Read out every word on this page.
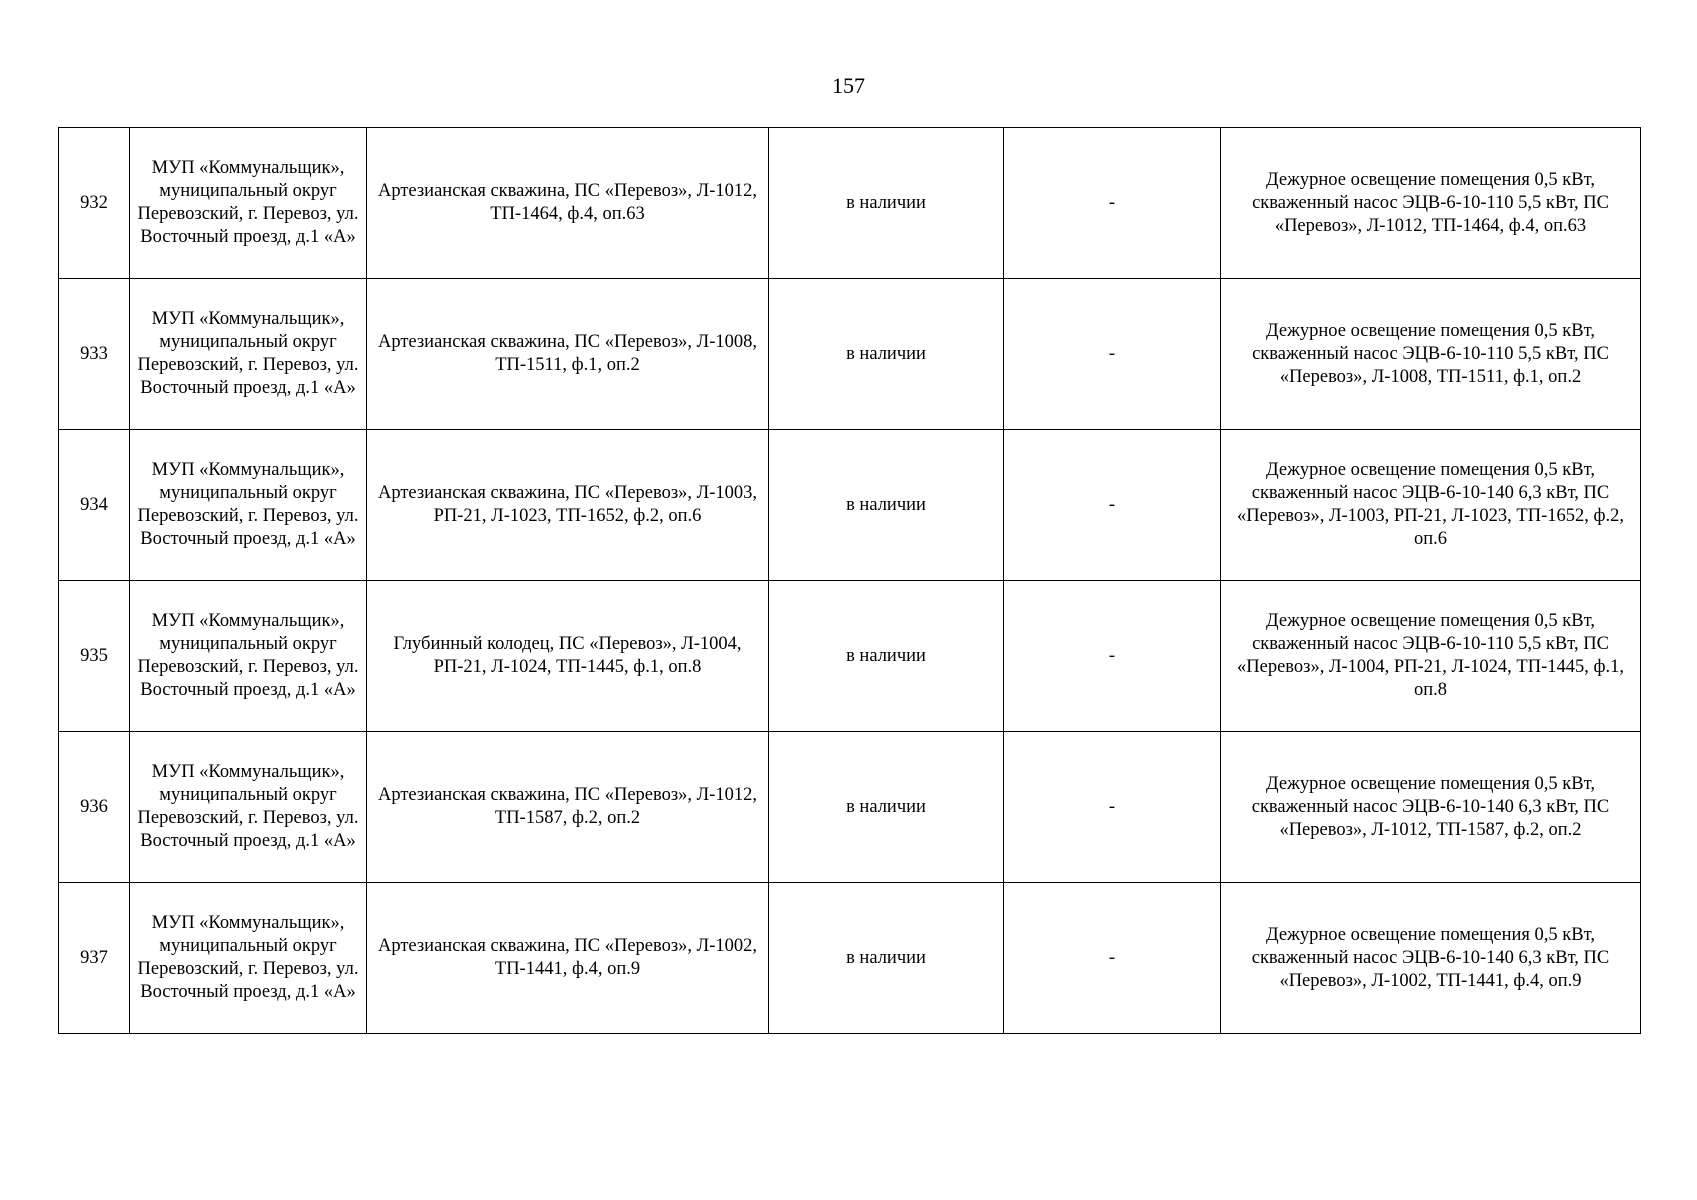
157
932	МУП «Коммунальщик», муниципальный округ Перевозский, г. Перевоз, ул. Восточный проезд, д.1 «А»	Артезианская скважина, ПС «Перевоз», Л-1012, ТП-1464, ф.4, оп.63	в наличии	-	Дежурное освещение помещения 0,5 кВт, скваженный насос ЭЦВ-6-10-110 5,5 кВт, ПС «Перевоз», Л-1012, ТП-1464, ф.4, оп.63
933	МУП «Коммунальщик», муниципальный округ Перевозский, г. Перевоз, ул. Восточный проезд, д.1 «А»	Артезианская скважина, ПС «Перевоз», Л-1008, ТП-1511, ф.1, оп.2	в наличии	-	Дежурное освещение помещения 0,5 кВт, скваженный насос ЭЦВ-6-10-110 5,5 кВт, ПС «Перевоз», Л-1008, ТП-1511, ф.1, оп.2
934	МУП «Коммунальщик», муниципальный округ Перевозский, г. Перевоз, ул. Восточный проезд, д.1 «А»	Артезианская скважина, ПС «Перевоз», Л-1003, РП-21, Л-1023, ТП-1652, ф.2, оп.6	в наличии	-	Дежурное освещение помещения 0,5 кВт, скваженный насос ЭЦВ-6-10-140 6,3 кВт, ПС «Перевоз», Л-1003, РП-21, Л-1023, ТП-1652, ф.2, оп.6
935	МУП «Коммунальщик», муниципальный округ Перевозский, г. Перевоз, ул. Восточный проезд, д.1 «А»	Глубинный колодец, ПС «Перевоз», Л-1004, РП-21, Л-1024, ТП-1445, ф.1, оп.8	в наличии	-	Дежурное освещение помещения 0,5 кВт, скваженный насос ЭЦВ-6-10-110 5,5 кВт, ПС «Перевоз», Л-1004, РП-21, Л-1024, ТП-1445, ф.1, оп.8
936	МУП «Коммунальщик», муниципальный округ Перевозский, г. Перевоз, ул. Восточный проезд, д.1 «А»	Артезианская скважина, ПС «Перевоз», Л-1012, ТП-1587, ф.2, оп.2	в наличии	-	Дежурное освещение помещения 0,5 кВт, скваженный насос ЭЦВ-6-10-140 6,3 кВт, ПС «Перевоз», Л-1012, ТП-1587, ф.2, оп.2
937	МУП «Коммунальщик», муниципальный округ Перевозский, г. Перевоз, ул. Восточный проезд, д.1 «А»	Артезианская скважина, ПС «Перевоз», Л-1002, ТП-1441, ф.4, оп.9	в наличии	-	Дежурное освещение помещения 0,5 кВт, скваженный насос ЭЦВ-6-10-140 6,3 кВт, ПС «Перевоз», Л-1002, ТП-1441, ф.4, оп.9
